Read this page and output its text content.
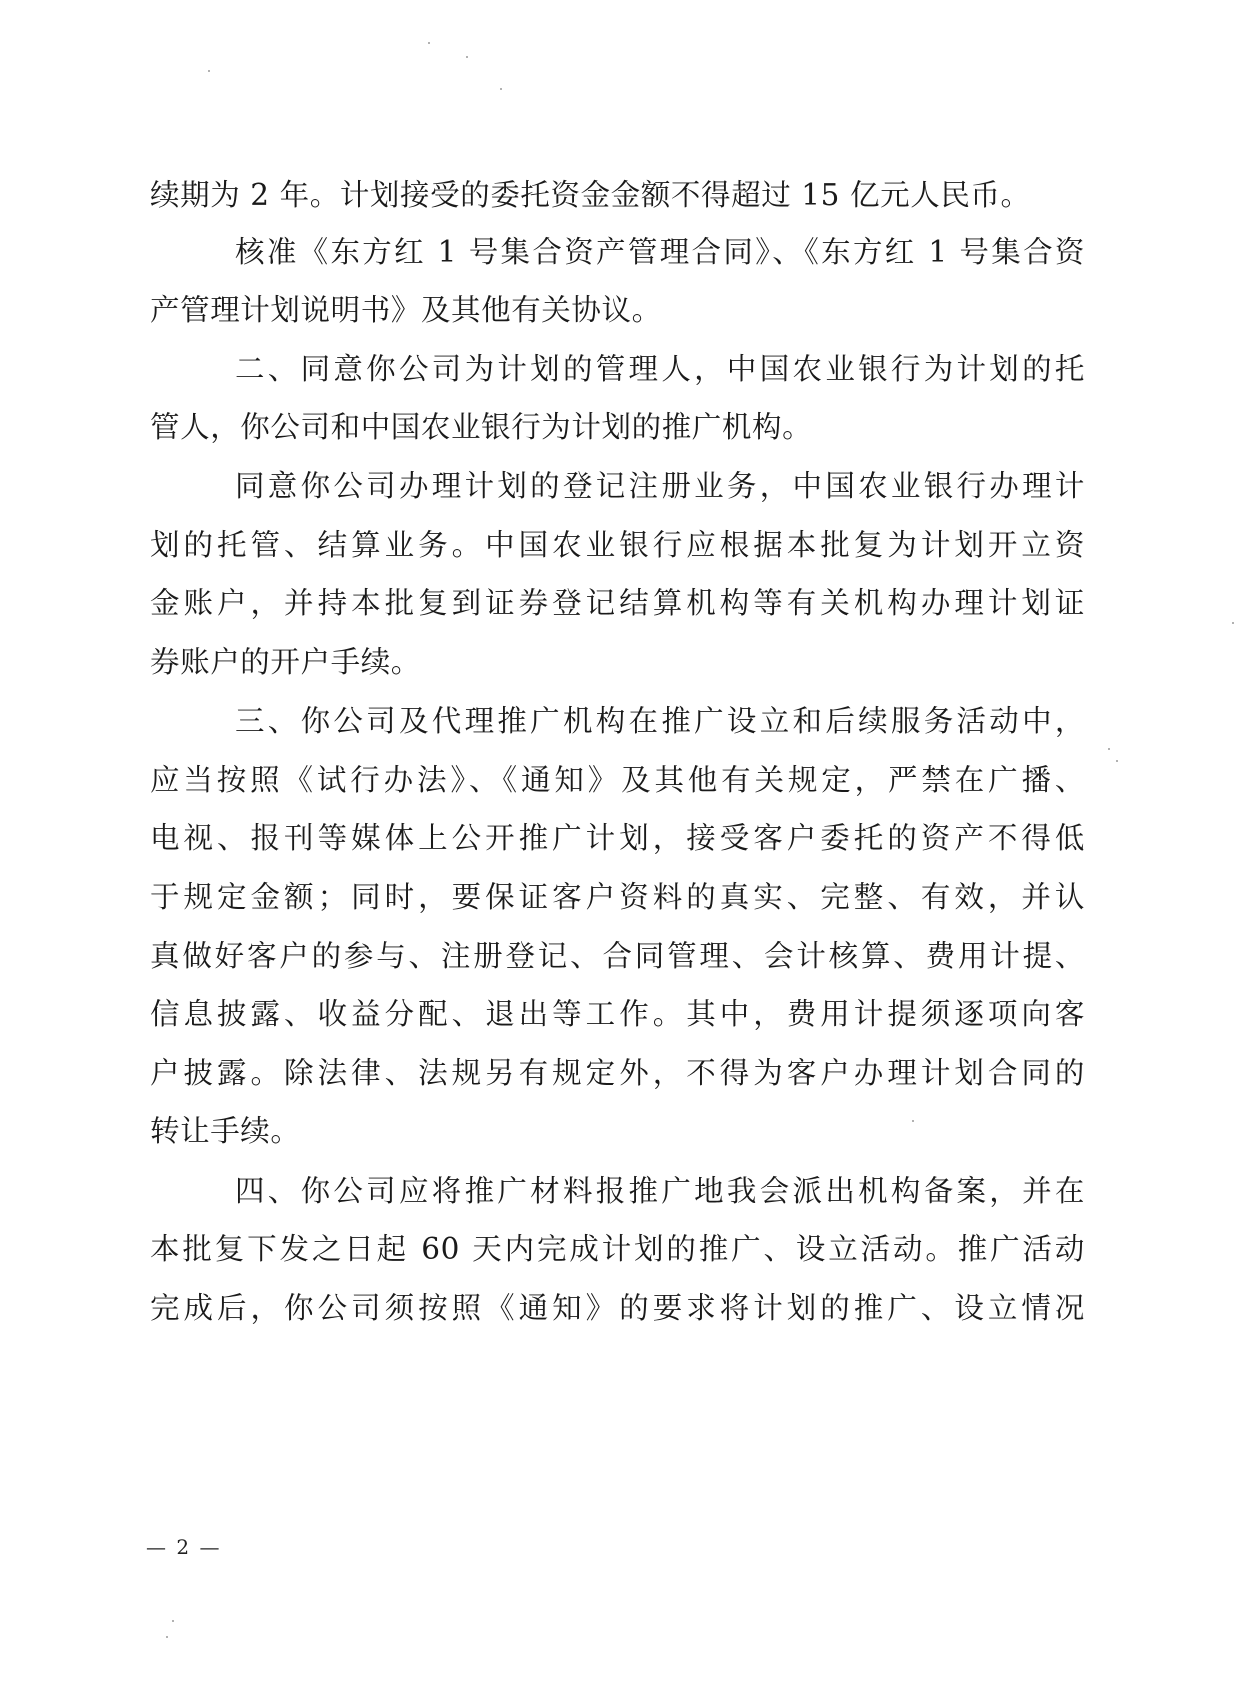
续期为 2 年。计划接受的委托资金金额不得超过 15 亿元人民币。
核准《东方红 1 号集合资产管理合同》、《东方红 1 号集合资
产管理计划说明书》及其他有关协议。
二、同意你公司为计划的管理人，中国农业银行为计划的托
管人，你公司和中国农业银行为计划的推广机构。
同意你公司办理计划的登记注册业务，中国农业银行办理计
划的托管、结算业务。中国农业银行应根据本批复为计划开立资
金账户，并持本批复到证券登记结算机构等有关机构办理计划证
券账户的开户手续。
三、你公司及代理推广机构在推广设立和后续服务活动中，
应当按照《试行办法》、《通知》及其他有关规定，严禁在广播、
电视、报刊等媒体上公开推广计划，接受客户委托的资产不得低
于规定金额；同时，要保证客户资料的真实、完整、有效，并认
真做好客户的参与、注册登记、合同管理、会计核算、费用计提、
信息披露、收益分配、退出等工作。其中，费用计提须逐项向客
户披露。除法律、法规另有规定外，不得为客户办理计划合同的
转让手续。
四、你公司应将推广材料报推广地我会派出机构备案，并在
本批复下发之日起 60 天内完成计划的推广、设立活动。推广活动
完成后，你公司须按照《通知》的要求将计划的推广、设立情况
— 2 —
